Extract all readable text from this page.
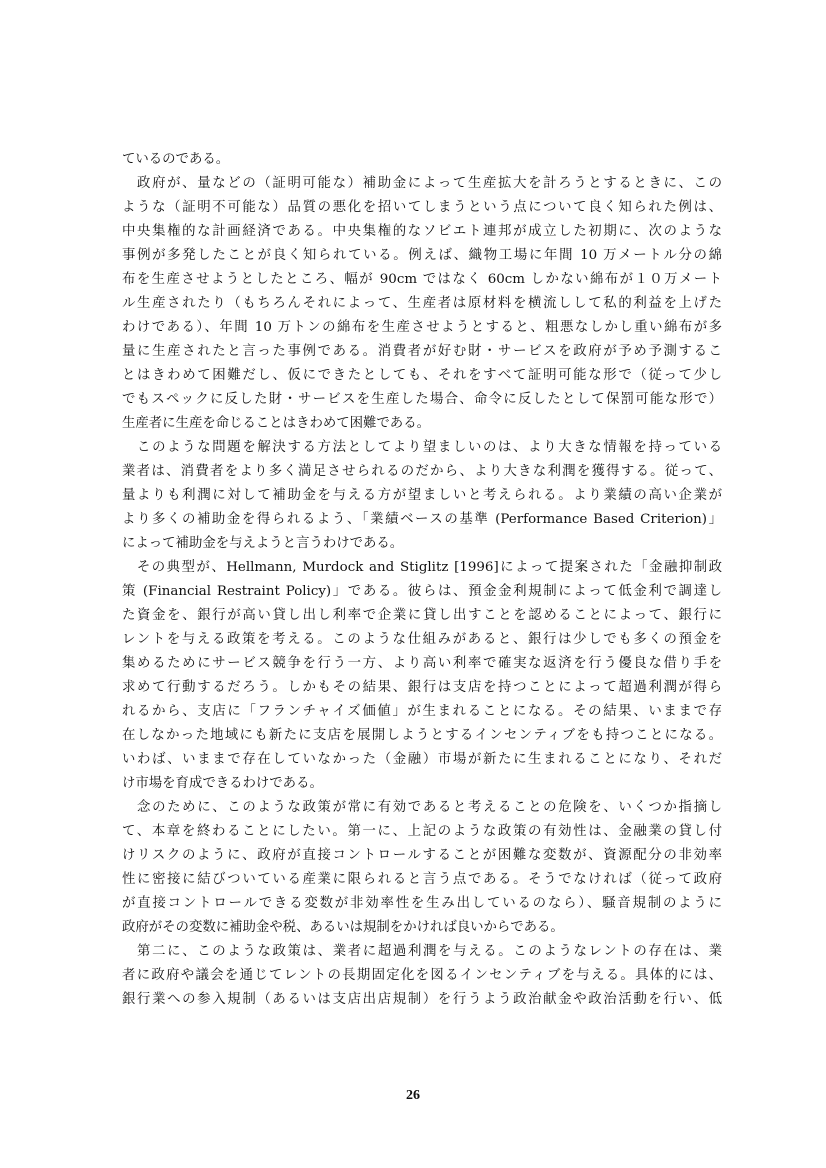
ているのである。
　政府が、量などの（証明可能な）補助金によって生産拡大を計ろうとするときに、この
ような（証明不可能な）品質の悪化を招いてしまうという点について良く知られた例は、
中央集権的な計画経済である。中央集権的なソビエト連邦が成立した初期に、次のような
事例が多発したことが良く知られている。例えば、織物工場に年間 10 万メートル分の綿
布を生産させようとしたところ、幅が 90cm ではなく 60cm しかない綿布が１０万メート
ル生産されたり（もちろんそれによって、生産者は原材料を横流しして私的利益を上げた
わけである）、年間 10 万トンの綿布を生産させようとすると、粗悪なしかし重い綿布が多
量に生産されたと言った事例である。消費者が好む財・サービスを政府が予め予測するこ
とはきわめて困難だし、仮にできたとしても、それをすべて証明可能な形で（従って少し
でもスペックに反した財・サービスを生産した場合、命令に反したとして保罰可能な形で）
生産者に生産を命じることはきわめて困難である。
　このような問題を解決する方法としてより望ましいのは、より大きな情報を持っている
業者は、消費者をより多く満足させられるのだから、より大きな利潤を獲得する。従って、
量よりも利潤に対して補助金を与える方が望ましいと考えられる。より業績の高い企業が
より多くの補助金を得られるよう、「業績ベースの基準 (Performance Based Criterion)」
によって補助金を与えようと言うわけである。
　その典型が、Hellmann, Murdock and Stiglitz [1996]によって提案された「金融抑制政
策 (Financial Restraint Policy)」である。彼らは、預金金利規制によって低金利で調達し
た資金を、銀行が高い貸し出し利率で企業に貸し出すことを認めることによって、銀行に
レントを与える政策を考える。このような仕組みがあると、銀行は少しでも多くの預金を
集めるためにサービス競争を行う一方、より高い利率で確実な返済を行う優良な借り手を
求めて行動するだろう。しかもその結果、銀行は支店を持つことによって超過利潤が得ら
れるから、支店に「フランチャイズ価値」が生まれることになる。その結果、いままで存
在しなかった地域にも新たに支店を展開しようとするインセンティブをも持つことになる。
いわば、いままで存在していなかった（金融）市場が新たに生まれることになり、それだ
け市場を育成できるわけである。
　念のために、このような政策が常に有効であると考えることの危険を、いくつか指摘し
て、本章を終わることにしたい。第一に、上記のような政策の有効性は、金融業の貸し付
けリスクのように、政府が直接コントロールすることが困難な変数が、資源配分の非効率
性に密接に結びついている産業に限られると言う点である。そうでなければ（従って政府
が直接コントロールできる変数が非効率性を生み出しているのなら）、騒音規制のように
政府がその変数に補助金や税、あるいは規制をかければ良いからである。
　第二に、このような政策は、業者に超過利潤を与える。このようなレントの存在は、業
者に政府や議会を通じてレントの長期固定化を図るインセンティブを与える。具体的には、
銀行業への参入規制（あるいは支店出店規制）を行うよう政治献金や政治活動を行い、低
26
